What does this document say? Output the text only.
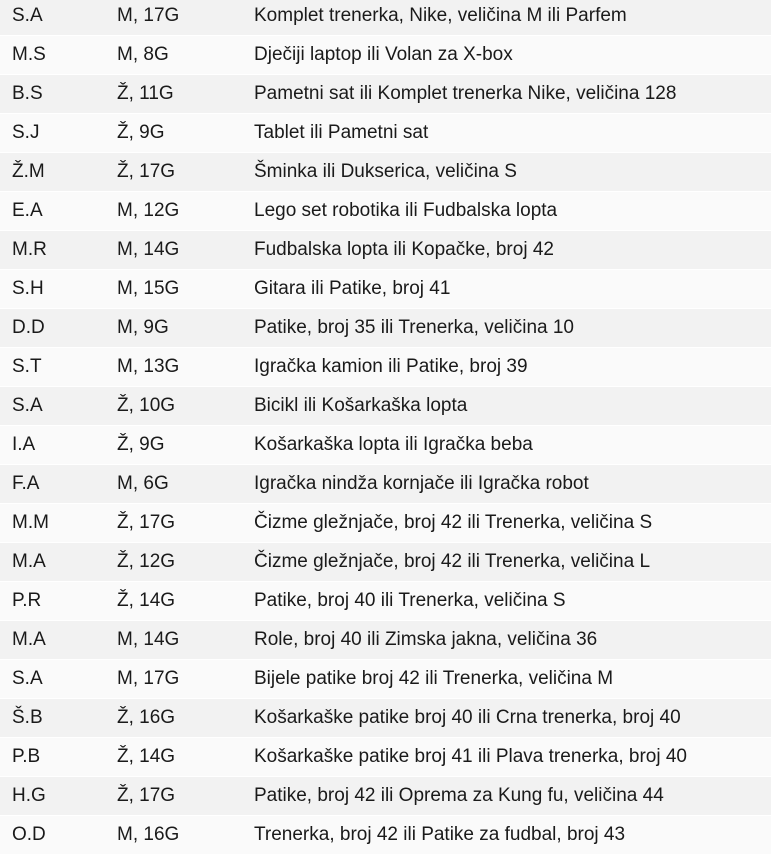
S.A	M, 17G	Komplet trenerka, Nike, veličina M ili Parfem
M.S	M, 8G	Dječiji laptop ili Volan za X-box
B.S	Ž, 11G	Pametni sat ili Komplet trenerka Nike, veličina 128
S.J	Ž, 9G	Tablet ili Pametni sat
Ž.M	Ž, 17G	Šminka ili Dukserica, veličina S
E.A	M, 12G	Lego set robotika ili Fudbalska lopta
M.R	M, 14G	Fudbalska lopta ili Kopačke, broj 42
S.H	M, 15G	Gitara ili Patike, broj 41
D.D	M, 9G	Patike, broj 35 ili Trenerka, veličina 10
S.T	M, 13G	Igračka kamion ili Patike, broj 39
S.A	Ž, 10G	Bicikl ili Košarkaška lopta
I.A	Ž, 9G	Košarkaška lopta ili Igračka beba
F.A	M, 6G	Igračka nindža kornjače ili Igračka robot
M.M	Ž, 17G	Čizme gležnjače, broj 42 ili Trenerka, veličina S
M.A	Ž, 12G	Čizme gležnjače, broj 42 ili Trenerka, veličina L
P.R	Ž, 14G	Patike, broj 40 ili Trenerka, veličina S
M.A	M, 14G	Role, broj 40 ili Zimska jakna, veličina 36
S.A	M, 17G	Bijele patike broj 42 ili Trenerka, veličina M
Š.B	Ž, 16G	Košarkaške patike broj 40 ili Crna trenerka, broj 40
P.B	Ž, 14G	Košarkaške patike broj 41 ili Plava trenerka, broj 40
H.G	Ž, 17G	Patike, broj 42 ili Oprema za Kung fu, veličina 44
O.D	M, 16G	Trenerka, broj 42 ili Patike za fudbal, broj 43
